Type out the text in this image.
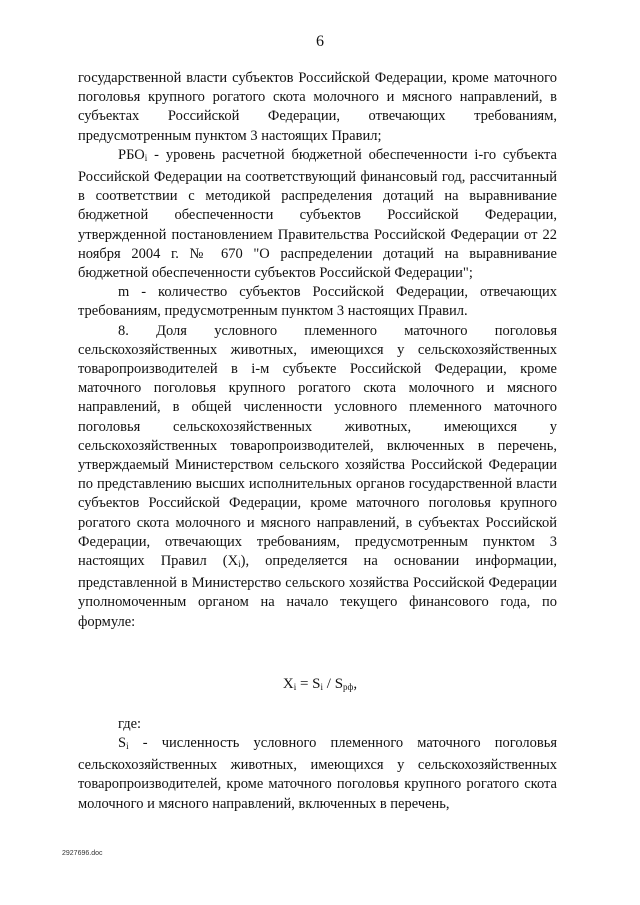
6

государственной власти субъектов Российской Федерации, кроме маточного поголовья крупного рогатого скота молочного и мясного направлений, в субъектах Российской Федерации, отвечающих требованиям, предусмотренным пунктом 3 настоящих Правил;

$РБО_i$ - уровень расчетной бюджетной обеспеченности i-го субъекта Российской Федерации на соответствующий финансовый год, рассчитанный в соответствии с методикой распределения дотаций на выравнивание бюджетной обеспеченности субъектов Российской Федерации, утвержденной постановлением Правительства Российской Федерации от 22 ноября 2004 г. № 670 "О распределении дотаций на выравнивание бюджетной обеспеченности субъектов Российской Федерации";

m - количество субъектов Российской Федерации, отвечающих требованиям, предусмотренным пунктом 3 настоящих Правил.

8. Доля условного племенного маточного поголовья сельскохозяйственных животных, имеющихся у сельскохозяйственных товаропроизводителей в i-м субъекте Российской Федерации, кроме маточного поголовья крупного рогатого скота молочного и мясного направлений, в общей численности условного племенного маточного поголовья сельскохозяйственных животных, имеющихся у сельскохозяйственных товаропроизводителей, включенных в перечень, утверждаемый Министерством сельского хозяйства Российской Федерации по представлению высших исполнительных органов государственной власти субъектов Российской Федерации, кроме маточного поголовья крупного рогатого скота молочного и мясного направлений, в субъектах Российской Федерации, отвечающих требованиям, предусмотренным пунктом 3 настоящих Правил $(X_i)$, определяется на основании информации, представленной в Министерство сельского хозяйства Российской Федерации уполномоченным органом на начало текущего финансового года, по формуле:

$X_i = S_i / S_{рф}$,
где:

$S_i$ - численность условного племенного маточного поголовья сельскохозяйственных животных, имеющихся у сельскохозяйственных товаропроизводителей, кроме маточного поголовья крупного рогатого скота молочного и мясного направлений, включенных в перечень,

2927696.doc
